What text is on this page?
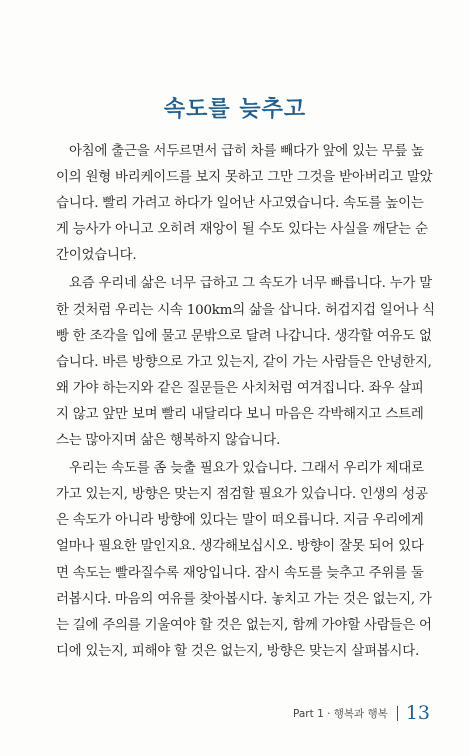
속도를 늦추고
아침에 출근을 서두르면서 급히 차를 빼다가 앞에 있는 무릎 높
이의 원형 바리케이드를 보지 못하고 그만 그것을 받아버리고 말았
습니다. 빨리 가려고 하다가 일어난 사고였습니다. 속도를 높이는
게 능사가 아니고 오히려 재앙이 될 수도 있다는 사실을 깨닫는 순
간이었습니다.
요즘 우리네 삶은 너무 급하고 그 속도가 너무 빠릅니다. 누가 말
한 것처럼 우리는 시속 100km의 삶을 삽니다. 허겁지겁 일어나 식
빵 한 조각을 입에 물고 문밖으로 달려 나갑니다. 생각할 여유도 없
습니다. 바른 방향으로 가고 있는지, 같이 가는 사람들은 안녕한지,
왜 가야 하는지와 같은 질문들은 사치처럼 여겨집니다. 좌우 살피
지 않고 앞만 보며 빨리 내달리다 보니 마음은 각박해지고 스트레
스는 많아지며 삶은 행복하지 않습니다.
우리는 속도를 좀 늦출 필요가 있습니다. 그래서 우리가 제대로
가고 있는지, 방향은 맞는지 점검할 필요가 있습니다. 인생의 성공
은 속도가 아니라 방향에 있다는 말이 떠오릅니다. 지금 우리에게
얼마나 필요한 말인지요. 생각해보십시오. 방향이 잘못 되어 있다
면 속도는 빨라질수록 재앙입니다. 잠시 속도를 늦추고 주위를 둘
러봅시다. 마음의 여유를 찾아봅시다. 놓치고 가는 것은 없는지, 가
는 길에 주의를 기울여야 할 것은 없는지, 함께 가야할 사람들은 어
디에 있는지, 피해야 할 것은 없는지, 방향은 맞는지 살펴봅시다.
Part 1 · 행복과 행복 13
